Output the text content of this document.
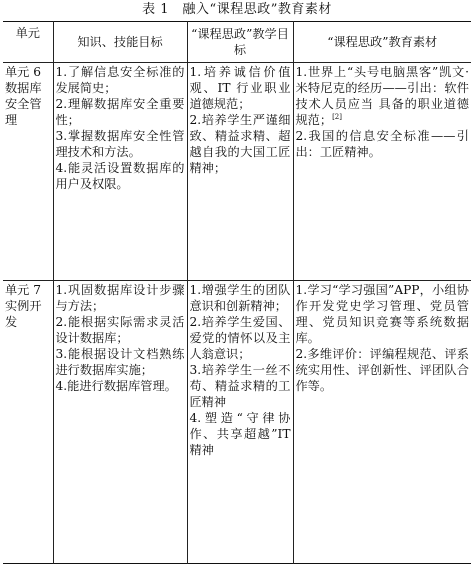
表 1　融入“课程思政”教育素材
单元	知识、技能目标	“课程思政”教学目标	“课程思政”教育素材
单元 6 数据库安全管理	1.了解信息安全标准的发展简史；
2.理解数据库安全重要性；
3.掌握数据库安全性管理技术和方法。
4.能灵活设置数据库的用户及权限。	1.培养诚信价值观、IT 行业职业道德规范；
2.培养学生严谨细致、精益求精、超越自我的大国工匠精神；	1.世界上“头号电脑黑客”凯文·米特尼克的经历——引出：软件技术人员应当 具备的职业道德规范；[2]
2.我国的信息安全标准——引出：工匠精神。

单元 7 实例开发	1.巩固数据库设计步骤与方法；
2.能根据实际需求灵活设计数据库；
3.能根据设计文档熟练进行数据库实施；
4.能进行数据库管理。	1.增强学生的团队意识和创新精神；
2.培养学生爱国、爱党的情怀以及主人翁意识；
3.培养学生一丝不苟、精益求精的工匠精神
4.塑造“守律协作、共享超越”IT 精神	1.学习“学习强国”APP，小组协作开发党史学习管理、党员管理、党员知识竞赛等系统数据库。
2.多维评价：评编程规范、评系统实用性、评创新性、评团队合作等。
